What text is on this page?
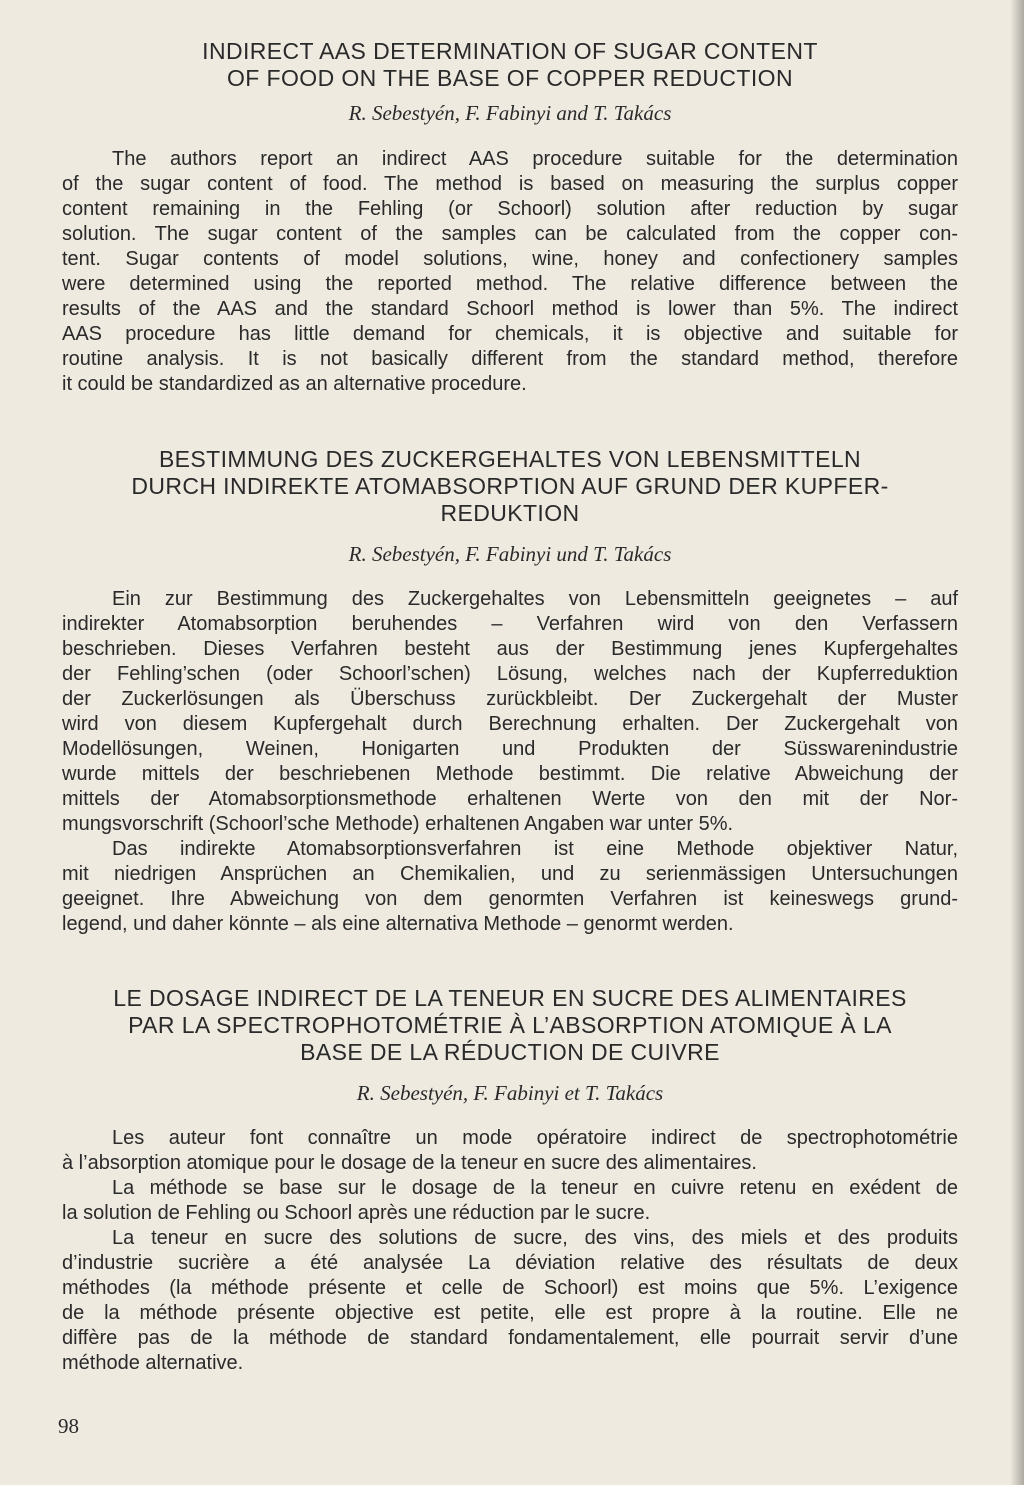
INDIRECT AAS DETERMINATION OF SUGAR CONTENT
OF FOOD ON THE BASE OF COPPER REDUCTION

R. Sebestyén, F. Fabinyi and T. Takács

The authors report an indirect AAS procedure suitable for the determination
of the sugar content of food. The method is based on measuring the surplus copper
content remaining in the Fehling (or Schoorl) solution after reduction by sugar
solution. The sugar content of the samples can be calculated from the copper con-
tent. Sugar contents of model solutions, wine, honey and confectionery samples
were determined using the reported method. The relative difference between the
results of the AAS and the standard Schoorl method is lower than 5%. The indirect
AAS procedure has little demand for chemicals, it is objective and suitable for
routine analysis. It is not basically different from the standard method, therefore
it could be standardized as an alternative procedure.
BESTIMMUNG DES ZUCKERGEHALTES VON LEBENSMITTELN
DURCH INDIREKTE ATOMABSORPTION AUF GRUND DER KUPFER-
REDUKTION

R. Sebestyén, F. Fabinyi und T. Takács

Ein zur Bestimmung des Zuckergehaltes von Lebensmitteln geeignetes – auf
indirekter Atomabsorption beruhendes – Verfahren wird von den Verfassern
beschrieben. Dieses Verfahren besteht aus der Bestimmung jenes Kupfergehaltes
der Fehling’schen (oder Schoorl’schen) Lösung, welches nach der Kupferreduktion
der Zuckerlösungen als Überschuss zurückbleibt. Der Zuckergehalt der Muster
wird von diesem Kupfergehalt durch Berechnung erhalten. Der Zuckergehalt von
Modellösungen, Weinen, Honigarten und Produkten der Süsswarenindustrie
wurde mittels der beschriebenen Methode bestimmt. Die relative Abweichung der
mittels der Atomabsorptionsmethode erhaltenen Werte von den mit der Nor-
mungsvorschrift (Schoorl’sche Methode) erhaltenen Angaben war unter 5%.
Das indirekte Atomabsorptionsverfahren ist eine Methode objektiver Natur,
mit niedrigen Ansprüchen an Chemikalien, und zu serienmässigen Untersuchungen
geeignet. Ihre Abweichung von dem genormten Verfahren ist keineswegs grund-
legend, und daher könnte – als eine alternativa Methode – genormt werden.
LE DOSAGE INDIRECT DE LA TENEUR EN SUCRE DES ALIMENTAIRES
PAR LA SPECTROPHOTOMÉTRIE À L’ABSORPTION ATOMIQUE À LA
BASE DE LA RÉDUCTION DE CUIVRE

R. Sebestyén, F. Fabinyi et T. Takács

Les auteur font connaître un mode opératoire indirect de spectrophotométrie
à l’absorption atomique pour le dosage de la teneur en sucre des alimentaires.
La méthode se base sur le dosage de la teneur en cuivre retenu en exédent de
la solution de Fehling ou Schoorl après une réduction par le sucre.
La teneur en sucre des solutions de sucre, des vins, des miels et des produits
d’industrie sucrière a été analysée La déviation relative des résultats de deux
méthodes (la méthode présente et celle de Schoorl) est moins que 5%. L’exigence
de la méthode présente objective est petite, elle est propre à la routine. Elle ne
diffère pas de la méthode de standard fondamentalement, elle pourrait servir d’une
méthode alternative.
98
